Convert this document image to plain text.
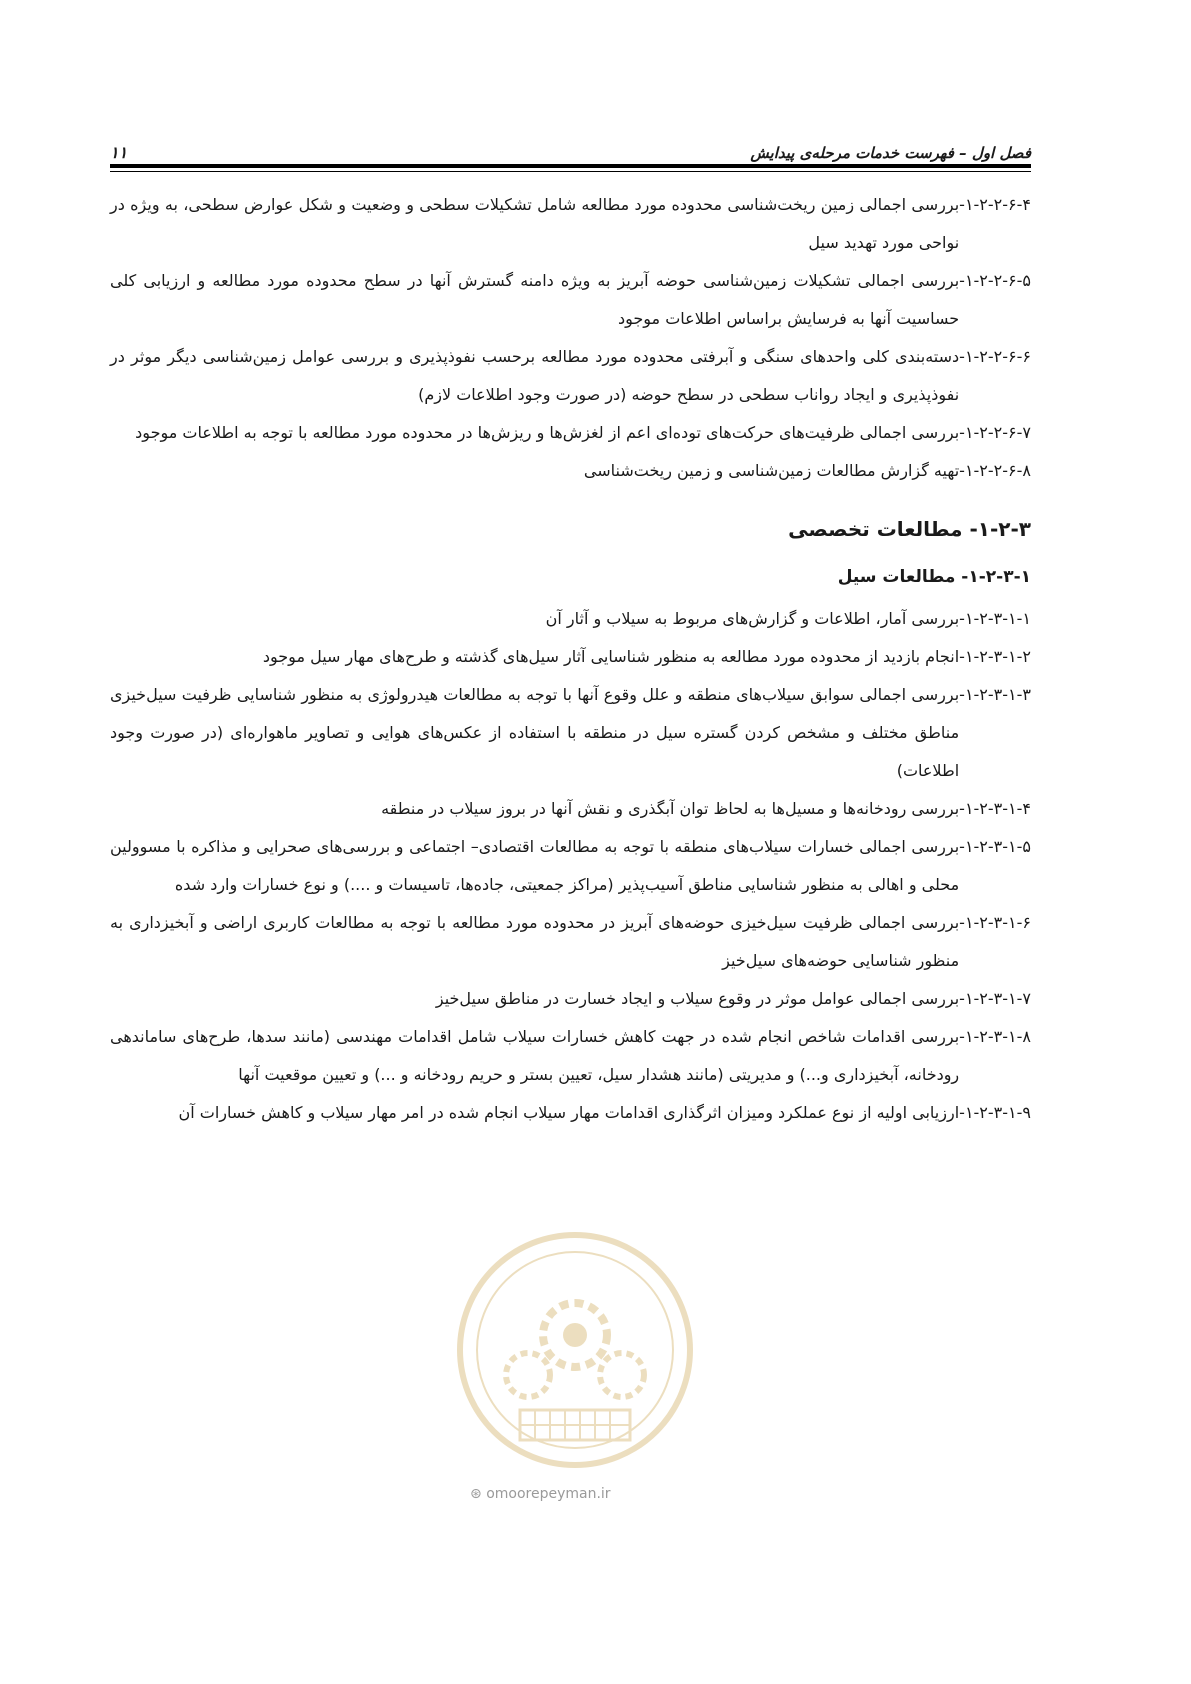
فصل اول – فهرست خدمات مرحله‌ی پیدایش
۱۱
۱-۲-۲-۶-۴-
بررسی اجمالی زمین ریخت‌شناسی محدوده مورد مطالعه شامل تشکیلات سطحی و وضعیت و شکل عوارض سطحی، به ویژه در نواحی مورد تهدید سیل
۱-۲-۲-۶-۵-
بررسی اجمالی تشکیلات زمین‌شناسی حوضه آبریز به ویژه دامنه گسترش آنها در سطح محدوده مورد مطالعه و ارزیابی کلی حساسیت آنها به فرسایش براساس اطلاعات موجود
۱-۲-۲-۶-۶-
دسته‌بندی کلی واحدهای سنگی و آبرفتی محدوده مورد مطالعه برحسب نفوذپذیری و بررسی عوامل زمین‌شناسی دیگر موثر در نفوذپذیری و ایجاد رواناب سطحی در سطح حوضه (در صورت وجود اطلاعات لازم)
۱-۲-۲-۶-۷-
بررسی اجمالی ظرفیت‌های حرکت‌های توده‌ای اعم از لغزش‌ها و ریزش‌ها در محدوده مورد مطالعه با توجه به اطلاعات موجود
۱-۲-۲-۶-۸-
تهیه گزارش مطالعات زمین‌شناسی و زمین ریخت‌شناسی
۱-۲-۳- مطالعات تخصصی
۱-۲-۳-۱- مطالعات سیل
۱-۲-۳-۱-۱-
بررسی آمار، اطلاعات و گزارش‌های مربوط به سیلاب و آثار آن
۱-۲-۳-۱-۲-
انجام بازدید از محدوده مورد مطالعه به منظور شناسایی آثار سیل‌های گذشته و طرح‌های مهار سیل موجود
۱-۲-۳-۱-۳-
بررسی اجمالی سوابق سیلاب‌های منطقه و علل وقوع آنها با توجه به مطالعات هیدرولوژی به منظور شناسایی ظرفیت سیل‌خیزی مناطق مختلف و مشخص کردن گستره سیل در منطقه با استفاده از عکس‌های هوایی و تصاویر ماهواره‌ای (در صورت وجود اطلاعات)
۱-۲-۳-۱-۴-
بررسی رودخانه‌ها و مسیل‌ها به لحاظ توان آبگذری و نقش آنها در بروز سیلاب در منطقه
۱-۲-۳-۱-۵-
بررسی اجمالی خسارات سیلاب‌های منطقه با توجه به مطالعات اقتصادی– اجتماعی و بررسی‌های صحرایی و مذاکره با مسوولین محلی و اهالی به منظور شناسایی مناطق آسیب‌پذیر (مراکز جمعیتی، جاده‌ها، تاسیسات و ....) و نوع خسارات وارد شده
۱-۲-۳-۱-۶-
بررسی اجمالی ظرفیت سیل‌خیزی حوضه‌های آبریز در محدوده مورد مطالعه با توجه به مطالعات کاربری اراضی و آبخیزداری به منظور شناسایی حوضه‌های سیل‌خیز
۱-۲-۳-۱-۷-
بررسی اجمالی عوامل موثر در وقوع سیلاب و ایجاد خسارت در مناطق سیل‌خیز
۱-۲-۳-۱-۸-
بررسی اقدامات شاخص انجام شده در جهت کاهش خسارات سیلاب شامل اقدامات مهندسی (مانند سدها، طرح‌های ساماندهی رودخانه، آبخیزداری و...) و مدیریتی (مانند هشدار سیل، تعیین بستر و حریم رودخانه و ...) و تعیین موقعیت آنها
۱-۲-۳-۱-۹-
ارزیابی اولیه از نوع عملکرد ومیزان اثرگذاری اقدامات مهار سیلاب انجام شده در امر مهار سیلاب و کاهش خسارات آن
⊛ omoorepeyman.ir
